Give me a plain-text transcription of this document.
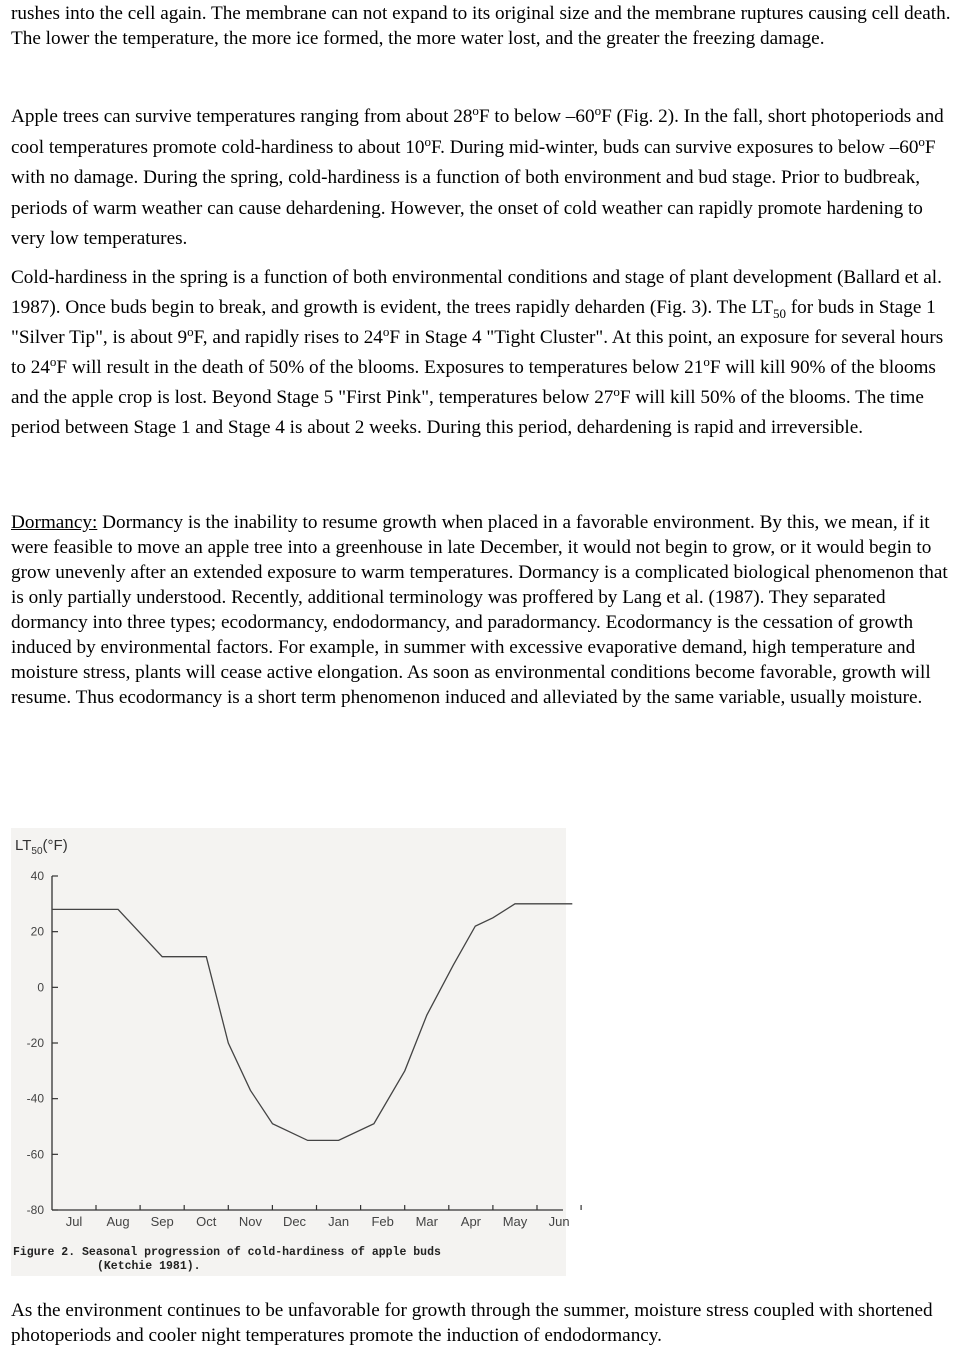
rushes into the cell again. The membrane can not expand to its original size and the membrane ruptures causing cell death. The lower the temperature, the more ice formed, the more water lost, and the greater the freezing damage.

Apple trees can survive temperatures ranging from about 28$^o$F to below –60$^o$F (Fig. 2). In the fall, short photoperiods and cool temperatures promote cold-hardiness to about 10$^o$F. During mid-winter, buds can survive exposures to below –60$^o$F with no damage. During the spring, cold-hardiness is a function of both environment and bud stage. Prior to budbreak, periods of warm weather can cause dehardening. However, the onset of cold weather can rapidly promote hardening to very low temperatures.

Cold-hardiness in the spring is a function of both environmental conditions and stage of plant development (Ballard et al. 1987). Once buds begin to break, and growth is evident, the trees rapidly deharden (Fig. 3). The $LT_{50}$ for buds in Stage 1 "Silver Tip", is about 9$^o$F, and rapidly rises to 24$^o$F in Stage 4 "Tight Cluster". At this point, an exposure for several hours to 24$^o$F will result in the death of 50% of the blooms. Exposures to temperatures below 21$^o$F will kill 90% of the blooms and the apple crop is lost. Beyond Stage 5 "First Pink", temperatures below 27$^o$F will kill 50% of the blooms. The time period between Stage 1 and Stage 4 is about 2 weeks. During this period, dehardening is rapid and irreversible.

Dormancy: Dormancy is the inability to resume growth when placed in a favorable environment. By this, we mean, if it were feasible to move an apple tree into a greenhouse in late December, it would not begin to grow, or it would begin to grow unevenly after an extended exposure to warm temperatures. Dormancy is a complicated biological phenomenon that is only partially understood. Recently, additional terminology was proffered by Lang et al. (1987). They separated dormancy into three types; ecodormancy, endodormancy, and paradormancy. Ecodormancy is the cessation of growth induced by environmental factors. For example, in summer with excessive evaporative demand, high temperature and moisture stress, plants will cease active elongation. As soon as environmental conditions become favorable, growth will resume. Thus ecodormancy is a short term phenomenon induced and alleviated by the same variable, usually moisture.

As the environment continues to be unfavorable for growth through the summer, moisture stress coupled with shortened photoperiods and cooler night temperatures promote the induction of endodormancy.

$LT_{50}(^\circ F)$
40
20
0
-20
-40
-60
-80
Jul Aug Sep Oct Nov Dec Jan Feb Mar Apr May Jun
Figure 2. Seasonal progression of cold-hardiness of apple buds
(Ketchie 1981).
